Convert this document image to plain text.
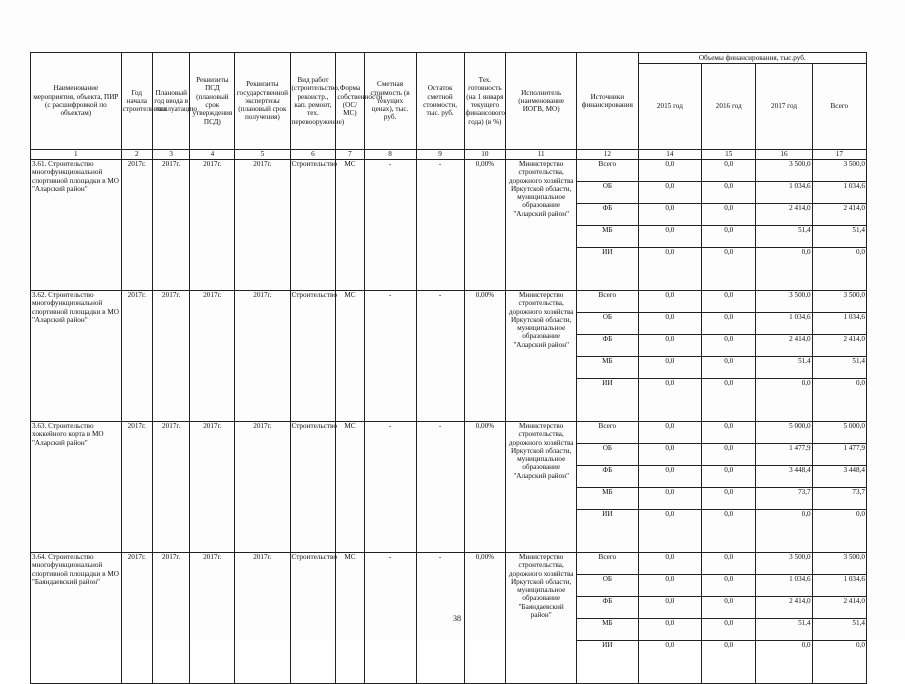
Наименование мероприятия, объекта, ПИР (с расшифровкой по объектам)	Год начала строительства	Плановый год ввода в эксплуатацию	Реквизиты ПСД (плановый срок утверждения ПСД)	Реквизиты государственной экспертизы (плановый срок получения)	Вид работ (строительство, реконстр., кап. ремонт, тех. перевооружение)	Форма собственности (ОС/МС)	Сметная стоимость (в текущих ценах), тыс. руб.	Остаток сметной стоимости, тыс. руб.	Тех. готовность (на 1 января текущего финансового года) (в %)	Исполнитель (наименование ИОГВ, МО)	Источники финансирования	Объемы финансирования, тыс.руб.			
												2015 год	2016 год	2017 год	Всего
1	2	3	4	5	6	7	8	9	10	11	12	14	15	16	17
3.61. Строительство многофункциональной спортивной площадки в МО "Аларский район"	2017г.	2017г.	2017г.	2017г.	Строительство	МС	-	-	0,00%	Министерство строительства, дорожного хозяйства Иркутской области, муниципальное образование "Аларский район"	Всего	0,0	0,0	3 500,0	3 500,0
											ОБ	0,0	0,0	1 034,6	1 034,6
											ФБ	0,0	0,0	2 414,0	2 414,0
											МБ	0,0	0,0	51,4	51,4
											ИИ	0,0	0,0	0,0	0,0
3.62. Строительство многофункциональной спортивной площадки в МО "Аларский район"	2017г.	2017г.	2017г.	2017г.	Строительство	МС	-	-	0,00%	Министерство строительства, дорожного хозяйства Иркутской области, муниципальное образование "Аларский район"	Всего	0,0	0,0	3 500,0	3 500,0
											ОБ	0,0	0,0	1 034,6	1 034,6
											ФБ	0,0	0,0	2 414,0	2 414,0
											МБ	0,0	0,0	51,4	51,4
											ИИ	0,0	0,0	0,0	0,0
3.63. Строительство хоккейного корта в МО "Аларский район"	2017г.	2017г.	2017г.	2017г.	Строительство	МС	-	-	0,00%	Министерство строительства, дорожного хозяйства Иркутской области, муниципальное образование "Аларский район"	Всего	0,0	0,0	5 000,0	5 000,0
											ОБ	0,0	0,0	1 477,9	1 477,9
											ФБ	0,0	0,0	3 448,4	3 448,4
											МБ	0,0	0,0	73,7	73,7
											ИИ	0,0	0,0	0,0	0,0
3.64. Строительство многофункциональной спортивной площадки в МО "Баяндаевский район"	2017г.	2017г.	2017г.	2017г.	Строительство	МС	-	-	0,00%	Министерство строительства, дорожного хозяйства Иркутской области, муниципальное образование "Баяндаевский район"	Всего	0,0	0,0	3 500,0	3 500,0
											ОБ	0,0	0,0	1 034,6	1 034,6
											ФБ	0,0	0,0	2 414,0	2 414,0
											МБ	0,0	0,0	51,4	51,4
											ИИ	0,0	0,0	0,0	0,0
38
